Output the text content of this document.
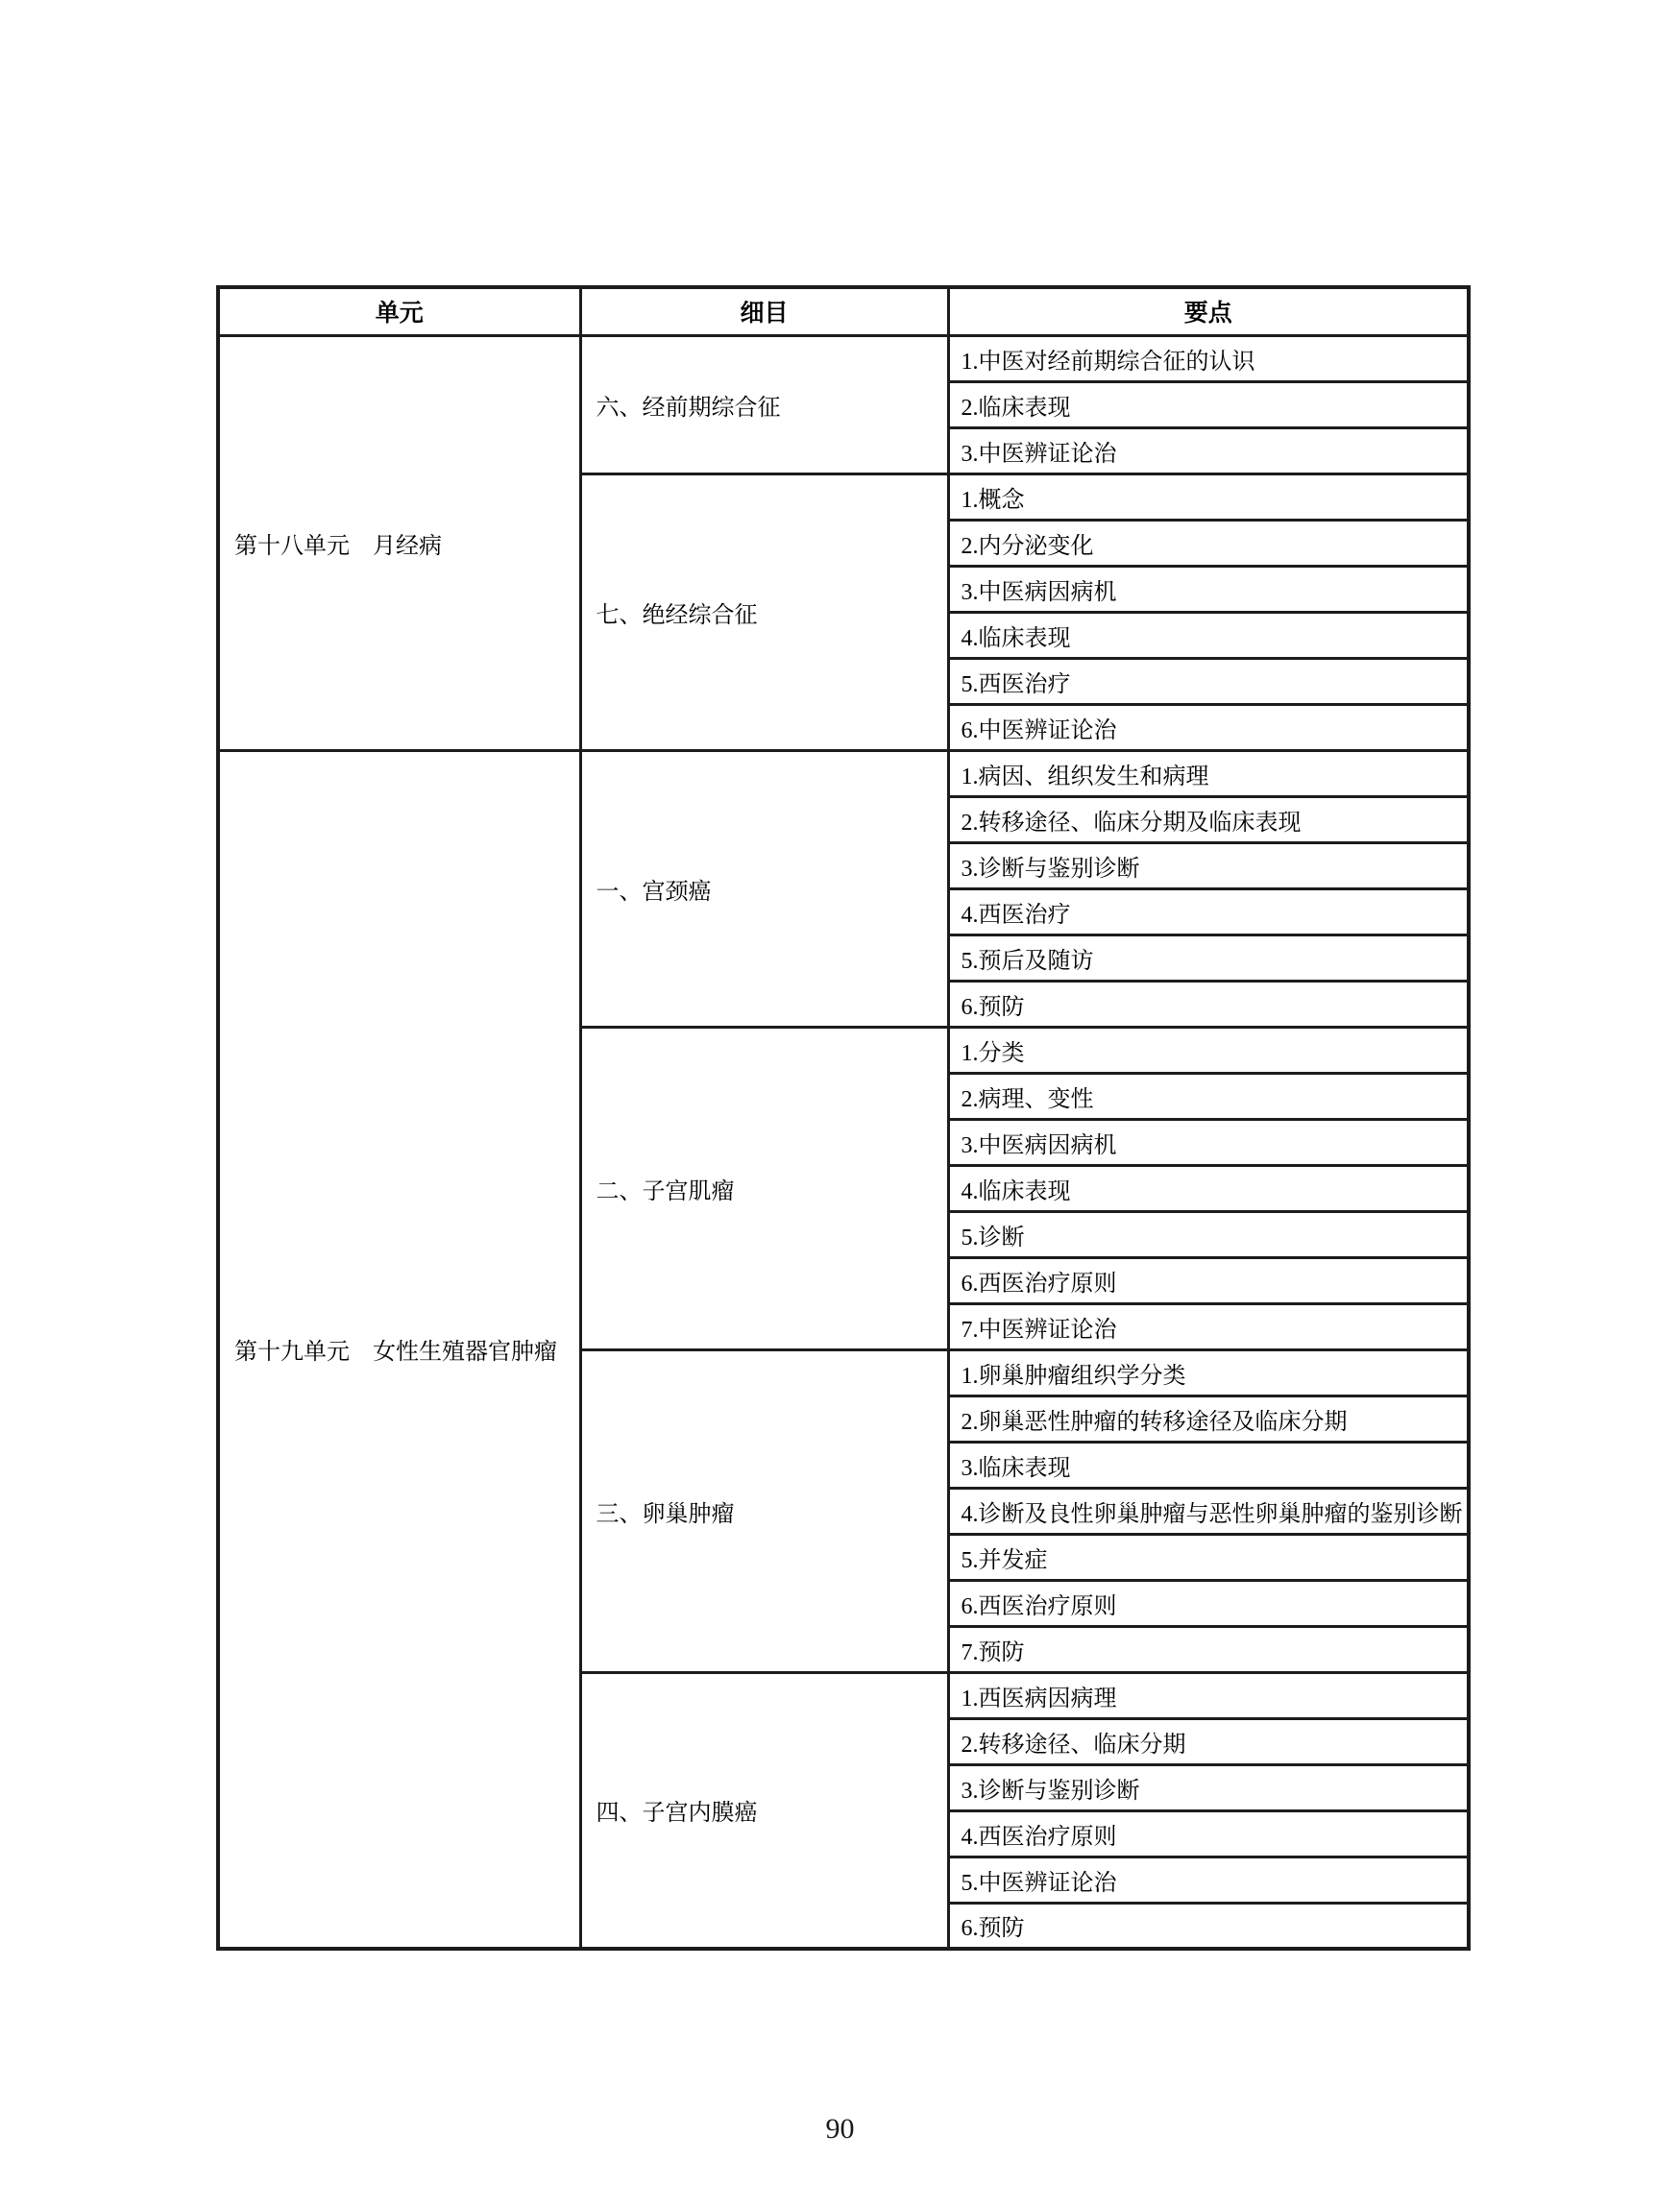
单元	细目	要点
第十八单元　月经病	六、经前期综合征	1.中医对经前期综合征的认识
		2.临床表现
		3.中医辨证论治
	七、绝经综合征	1.概念
		2.内分泌变化
		3.中医病因病机
		4.临床表现
		5.西医治疗
		6.中医辨证论治
第十九单元　女性生殖器官肿瘤	一、宫颈癌	1.病因、组织发生和病理
		2.转移途径、临床分期及临床表现
		3.诊断与鉴别诊断
		4.西医治疗
		5.预后及随访
		6.预防
	二、子宫肌瘤	1.分类
		2.病理、变性
		3.中医病因病机
		4.临床表现
		5.诊断
		6.西医治疗原则
		7.中医辨证论治
	三、卵巢肿瘤	1.卵巢肿瘤组织学分类
		2.卵巢恶性肿瘤的转移途径及临床分期
		3.临床表现
		4.诊断及良性卵巢肿瘤与恶性卵巢肿瘤的鉴别诊断
		5.并发症
		6.西医治疗原则
		7.预防
	四、子宫内膜癌	1.西医病因病理
		2.转移途径、临床分期
		3.诊断与鉴别诊断
		4.西医治疗原则
		5.中医辨证论治
		6.预防
90
